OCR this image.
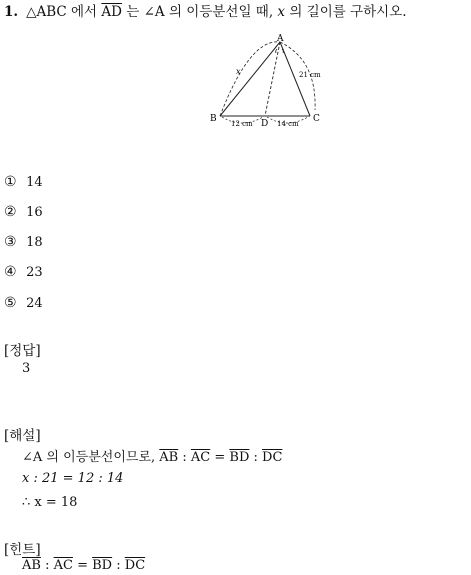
1. △ABC 에서 $\overline{AD}$ 는 ∠A 의 이등분선일 때, x 의 길이를 구하시오.
A
B	C
D
x	21 cm
12 cm	14 cm
① 14
② 16
③ 18
④ 23
⑤ 24
[정답]
3
[해설]
∠A 의 이등분선이므로, $\overline{AB}$ : $\overline{AC} = \overline{BD}$ : $\overline{DC}$
x : 21 = 12 : 14
∴ x = 18
[힌트]
$\overline{AB}$ : $\overline{AC} = \overline{BD}$ : $\overline{DC}$
